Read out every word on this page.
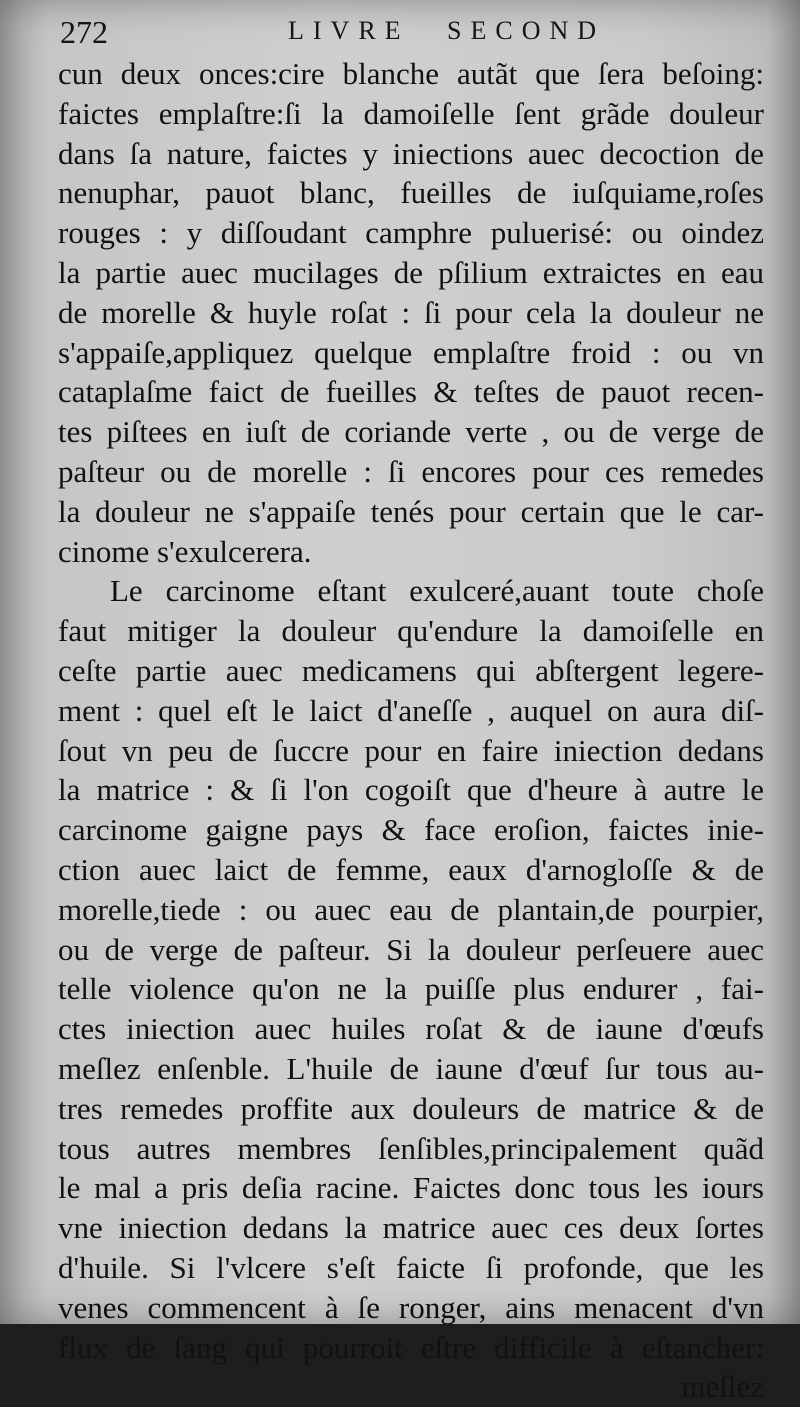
272	LIVRE SECOND
cun deux onces:cire blanche autãt que ſera beſoing:
faictes emplaſtre:ſi la damoiſelle ſent grãde douleur
dans ſa nature, faictes y iniections auec decoction de
nenuphar, pauot blanc, fueilles de iuſquiame,roſes
rouges : y diſſoudant camphre puluerisé: ou oindez
la partie auec mucilages de pſilium extraictes en eau
de morelle & huyle roſat : ſi pour cela la douleur ne
s'appaiſe,appliquez quelque emplaſtre froid : ou vn
cataplaſme faict de fueilles & teſtes de pauot recen-
tes piſtees en iuſt de coriande verte , ou de verge de
paſteur ou de morelle : ſi encores pour ces remedes
la douleur ne s'appaiſe tenés pour certain que le car-
cinome s'exulcerera.
Le carcinome eſtant exulceré,auant toute choſe
faut mitiger la douleur qu'endure la damoiſelle en
ceſte partie auec medicamens qui abſtergent legere-
ment : quel eſt le laict d'aneſſe , auquel on aura diſ-
ſout vn peu de ſuccre pour en faire iniection dedans
la matrice : & ſi l'on cogoiſt que d'heure à autre le
carcinome gaigne pays & face eroſion, faictes inie-
ction auec laict de femme, eaux d'arnogloſſe & de
morelle,tiede : ou auec eau de plantain,de pourpier,
ou de verge de paſteur. Si la douleur perſeuere auec
telle violence qu'on ne la puiſſe plus endurer , fai-
ctes iniection auec huiles roſat & de iaune d'œufs
meſlez enſenble. L'huile de iaune d'œuf ſur tous au-
tres remedes proffite aux douleurs de matrice & de
tous autres membres ſenſibles,principalement quãd
le mal a pris deſia racine. Faictes donc tous les iours
vne iniection dedans la matrice auec ces deux ſortes
d'huile. Si l'vlcere s'eſt faicte ſi profonde, que les
venes commencent à ſe ronger, ains menacent d'vn
flux de ſang qui pourroit eſtre difficile à eſtancher:
meſlez
